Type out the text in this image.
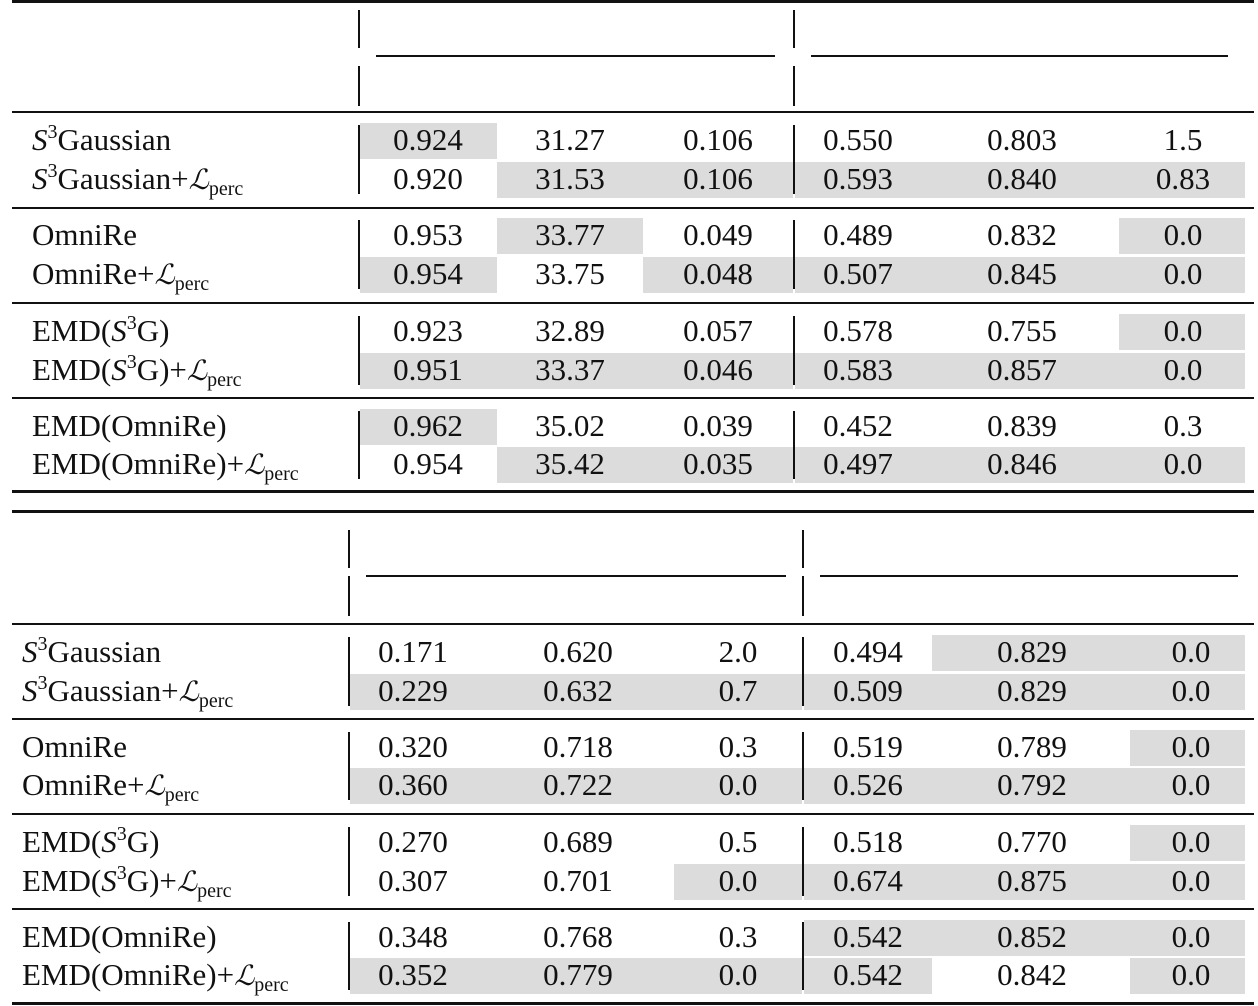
$S^3Gaussian$	0.924	31.27	0.106	0.550	0.803	1.5
$S^3Gaussian+ℒ_{perc}$	0.920	31.53	0.106	0.593	0.840	0.83
OmniRe	0.953	33.77	0.049	0.489	0.832	0.0
OmniRe+ℒ$_{perc}$	0.954	33.75	0.048	0.507	0.845	0.0
$EMD(S^3G)$	0.923	32.89	0.057	0.578	0.755	0.0
$EMD(S^3G)+ℒ_{perc}$	0.951	33.37	0.046	0.583	0.857	0.0
EMD(OmniRe)	0.962	35.02	0.039	0.452	0.839	0.3
EMD(OmniRe)+ℒ$_{perc}$	0.954	35.42	0.035	0.497	0.846	0.0
$S^3Gaussian$	0.171	0.620	2.0	0.494	0.829	0.0
$S^3Gaussian+ℒ_{perc}$	0.229	0.632	0.7	0.509	0.829	0.0
OmniRe	0.320	0.718	0.3	0.519	0.789	0.0
OmniRe+ℒ$_{perc}$	0.360	0.722	0.0	0.526	0.792	0.0
$EMD(S^3G)$	0.270	0.689	0.5	0.518	0.770	0.0
$EMD(S^3G)+ℒ_{perc}$	0.307	0.701	0.0	0.674	0.875	0.0
EMD(OmniRe)	0.348	0.768	0.3	0.542	0.852	0.0
EMD(OmniRe)+ℒ$_{perc}$	0.352	0.779	0.0	0.542	0.842	0.0
